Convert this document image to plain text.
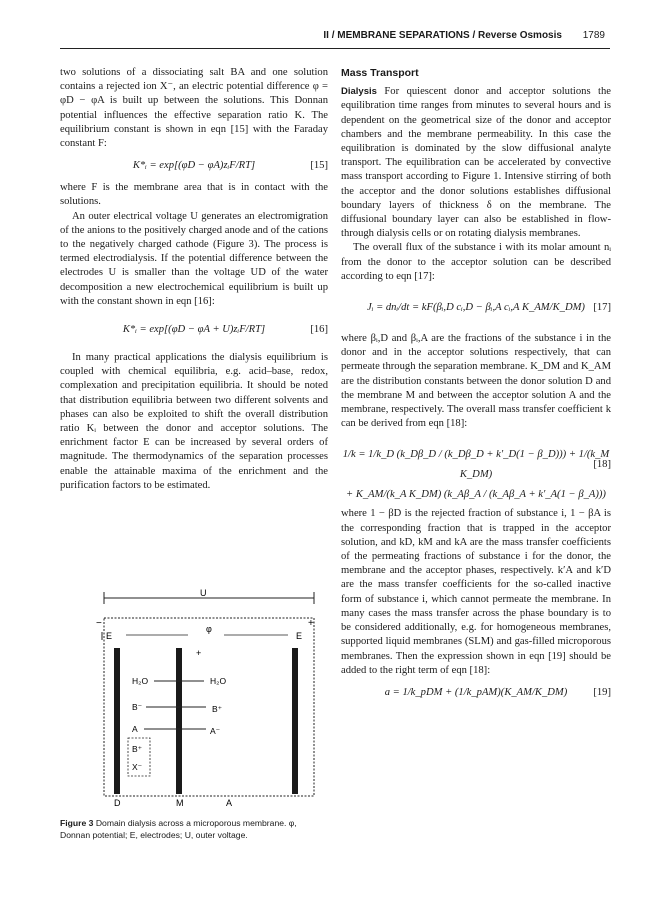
II / MEMBRANE SEPARATIONS / Reverse Osmosis 1789

two solutions of a dissociating salt BA and one solution contains a rejected ion X⁻, an electric potential difference φ = φD − φA is built up between the solutions. This Donnan potential influences the effective separation ratio K. The equilibrium constant is shown in eqn [15] with the Faraday constant F:

K*ᵢ = exp[(φD − φA)zᵢF/RT]	[15]

where F is the membrane area that is in contact with the solutions.

An outer electrical voltage U generates an electromigration of the anions to the positively charged anode and of the cations to the negatively charged cathode (Figure 3). The process is termed electrodialysis. If the potential difference between the electrodes U is smaller than the voltage UD of the water decomposition a new electrochemical equilibrium is built up with the constant shown in eqn [16]:

K*ᵢ = exp[(φD − φA + U)zᵢF/RT]	[16]

In many practical applications the dialysis equilibrium is coupled with chemical equilibria, e.g. acid–base, redox, complexation and precipitation equilibria. It should be noted that distribution equilibria between two different solvents and phases can also be exploited to shift the overall distribution ratio Kᵢ between the donor and acceptor solutions. The enrichment factor E can be increased by several orders of magnitude. The thermodynamics of the separation processes enable the attainable maxima of the enrichment and the purification factors to be estimated.

U
−	+
E
φ
E
+
H₂O	H₂O
B⁻	B⁺
A	A⁻
B⁺
X⁻
D	M	A
Figure 3 Domain dialysis across a microporous membrane. φ, Donnan potential; E, electrodes; U, outer voltage.
Mass Transport

Dialysis For quiescent donor and acceptor solutions the equilibration time ranges from minutes to several hours and is dependent on the geometrical size of the donor and acceptor chambers and the membrane permeability. In this case the equilibration is dominated by the slow diffusional analyte transport. The equilibration can be accelerated by convective mass transport according to Figure 1. Intensive stirring of both the acceptor and the donor solutions establishes diffusional boundary layers of thickness δ on the membrane. The diffusional boundary layer can also be established in flow-through dialysis cells or on rotating dialysis membranes.

The overall flux of the substance i with its molar amount nᵢ from the donor to the acceptor solution can be described according to eqn [17]:

Jᵢ = dnᵢ/dt = kF(βᵢ,D cᵢ,D − βᵢ,A cᵢ,A K_AM/K_DM) [17]

where βᵢ,D and βᵢ,A are the fractions of the substance i in the donor and in the acceptor solutions respectively, that can permeate through the separation membrane. K_DM and K_AM are the distribution constants between the donor solution D and the membrane M and between the acceptor solution A and the membrane, respectively. The overall mass transfer coefficient k can be derived from eqn [18]:

1/k = 1/k_D (k_Dβ_D / (k_Dβ_D + k′_D(1 − β_D))) + 1/(k_M K_DM)
+ K_AM/(k_A K_DM) (k_Aβ_A / (k_Aβ_A + k′_A(1 − β_A)))
[18]

where 1 − βD is the rejected fraction of substance i, 1 − βA is the corresponding fraction that is trapped in the acceptor solution, and kD, kM and kA are the mass transfer coefficients of the permeating fractions of substance i for the donor, the membrane and the acceptor phases, respectively. k′A and k′D are the mass transfer coefficients for the so-called inactive form of substance i, which cannot permeate the membrane. In many cases the mass transfer across the phase boundary is to be considered additionally, e.g. for homogeneous membranes, supported liquid membranes (SLM) and gas-filled microporous membranes. Then the expression shown in eqn [19] should be added to the right term of eqn [18]:

a = 1/k_pDM + (1/k_pAM)(K_AM/K_DM) [19]
